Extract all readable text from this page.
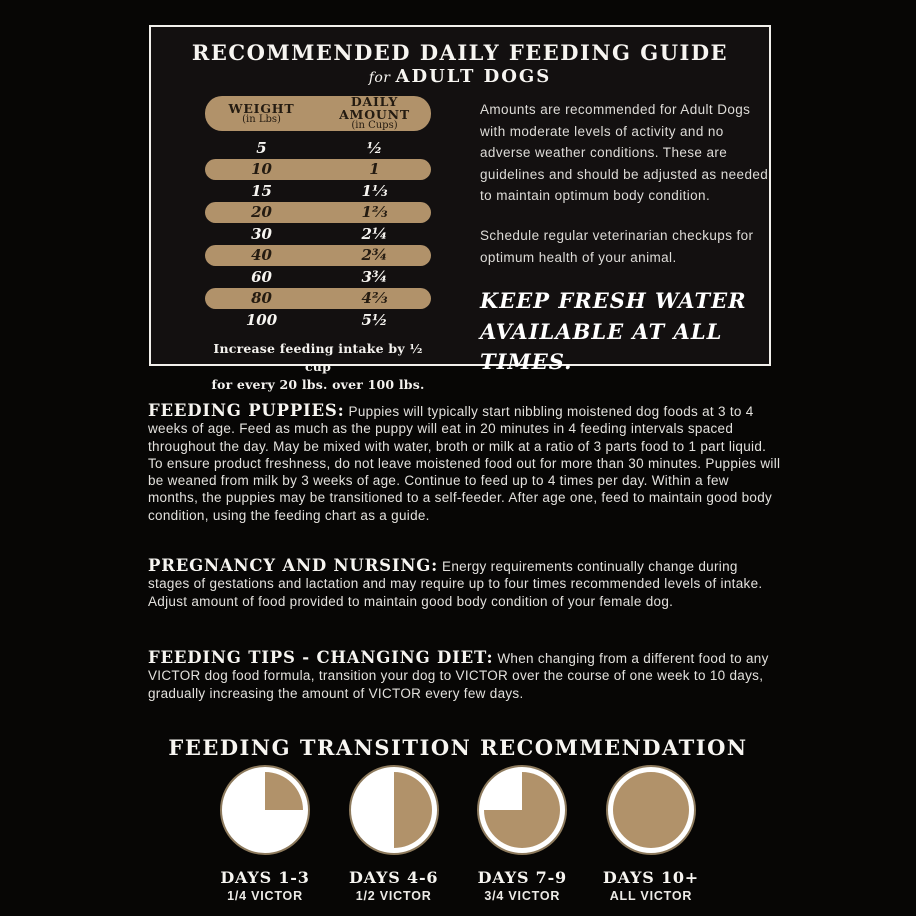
RECOMMENDED DAILY FEEDING GUIDE
for ADULT DOGS
WEIGHT
(in Lbs)
DAILY AMOUNT
(in Cups)
5	½
10	1
15	1⅓
20	1⅔
30	2¼
40	2¾
60	3¾
80	4⅔
100	5½
Increase feeding intake by ½ cup
for every 20 lbs. over 100 lbs.
Amounts are recommended for Adult Dogs with moderate levels of activity and no adverse weather conditions. These are guidelines and should be adjusted as needed to maintain optimum body condition.
Schedule regular veterinarian checkups for optimum health of your animal.
KEEP FRESH WATER
AVAILABLE AT ALL TIMES.
FEEDING PUPPIES: Puppies will typically start nibbling moistened dog foods at 3 to 4 weeks of age. Feed as much as the puppy will eat in 20 minutes in 4 feeding intervals spaced throughout the day. May be mixed with water, broth or milk at a ratio of 3 parts food to 1 part liquid. To ensure product freshness, do not leave moistened food out for more than 30 minutes. Puppies will be weaned from milk by 3 weeks of age. Continue to feed up to 4 times per day. Within a few months, the puppies may be transitioned to a self-feeder. After age one, feed to maintain good body condition, using the feeding chart as a guide.
PREGNANCY AND NURSING: Energy requirements continually change during stages of gestations and lactation and may require up to four times recommended levels of intake. Adjust amount of food provided to maintain good body condition of your female dog.
FEEDING TIPS - CHANGING DIET: When changing from a different food to any VICTOR dog food formula, transition your dog to VICTOR over the course of one week to 10 days, gradually increasing the amount of VICTOR every few days.
FEEDING TRANSITION RECOMMENDATION
DAYS 1-3
1/4 VICTOR
DAYS 4-6
1/2 VICTOR
DAYS 7-9
3/4 VICTOR
DAYS 10+
ALL VICTOR
